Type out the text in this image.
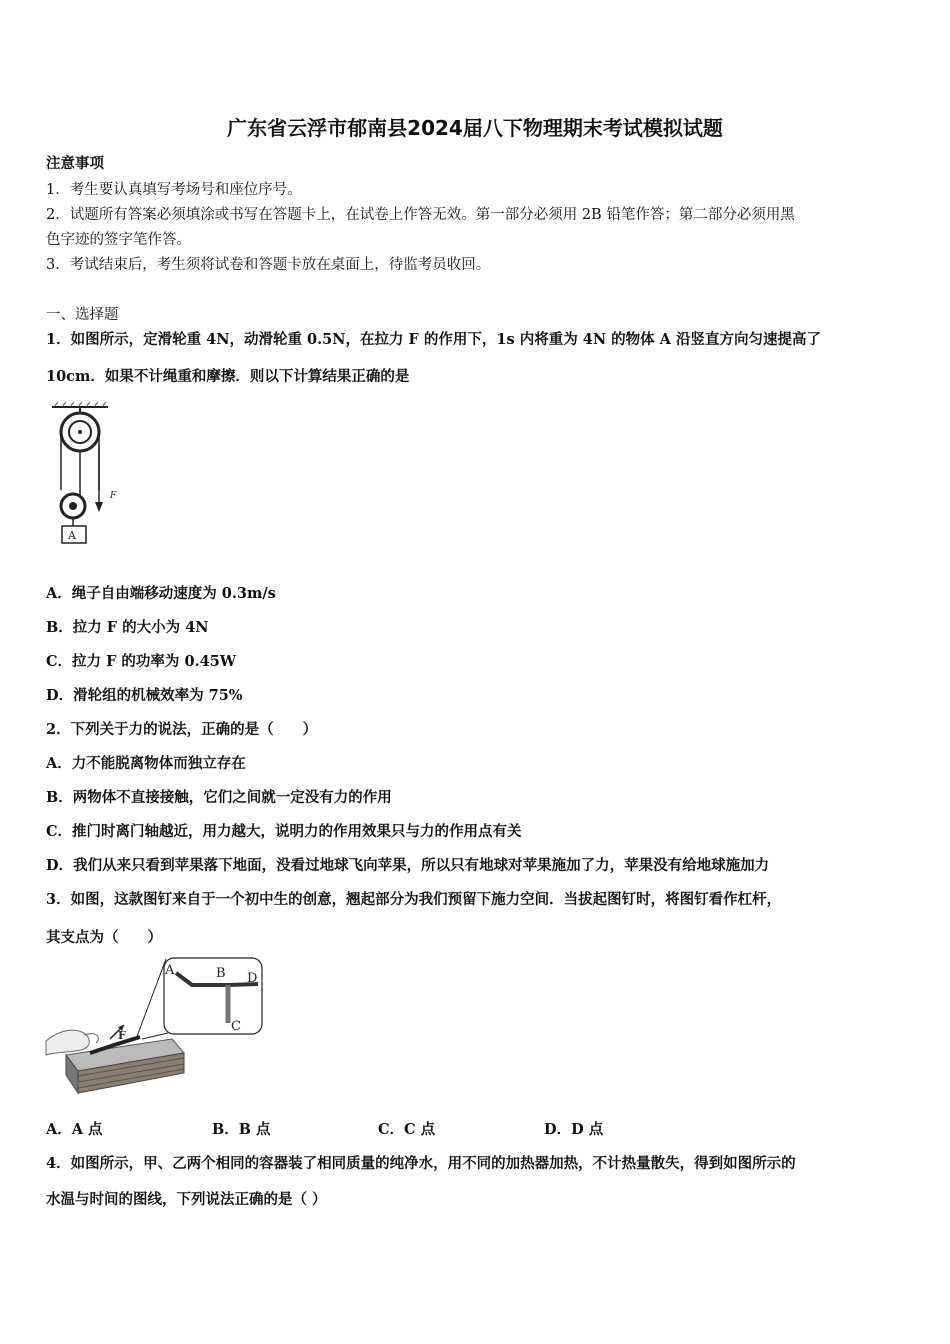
广东省云浮市郁南县2024届八下物理期末考试模拟试题
注意事项
1．考生要认真填写考场号和座位序号。
2．试题所有答案必须填涂或书写在答题卡上，在试卷上作答无效。第一部分必须用 2B 铅笔作答；第二部分必须用黑
色字迹的签字笔作答。
3．考试结束后，考生须将试卷和答题卡放在桌面上，待监考员收回。
一、选择题
1．如图所示，定滑轮重 4N，动滑轮重 0.5N，在拉力 F 的作用下，1s 内将重为 4N 的物体 A 沿竖直方向匀速提高了
10cm．如果不计绳重和摩擦．则以下计算结果正确的是
F
A
A．绳子自由端移动速度为 0.3m/s
B．拉力 F 的大小为 4N
C．拉力 F 的功率为 0.45W
D．滑轮组的机械效率为 75%
2．下列关于力的说法，正确的是（　　）
A．力不能脱离物体而独立存在
B．两物体不直接接触，它们之间就一定没有力的作用
C．推门时离门轴越近，用力越大，说明力的作用效果只与力的作用点有关
D．我们从来只看到苹果落下地面，没看过地球飞向苹果，所以只有地球对苹果施加了力，苹果没有给地球施加力
3．如图，这款图钉来自于一个初中生的创意，翘起部分为我们预留下施力空间．当拔起图钉时，将图钉看作杠杆，
其支点为（　　）
F
A	B D
C
A．A 点	B．B 点	C．C 点	D．D 点
4．如图所示，甲、乙两个相同的容器装了相同质量的纯净水，用不同的加热器加热，不计热量散失，得到如图所示的
水温与时间的图线，下列说法正确的是（ ）
